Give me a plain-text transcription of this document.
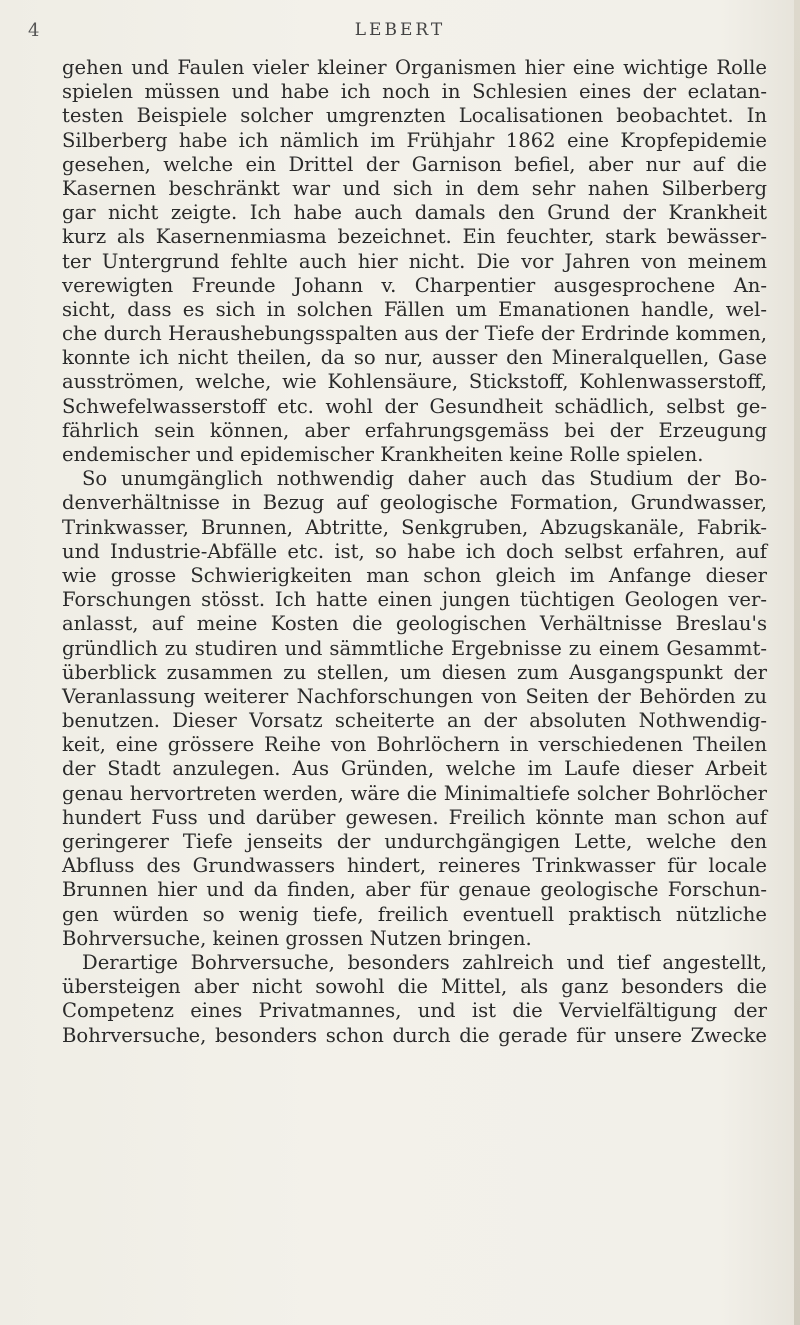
4	LEBERT
gehen und Faulen vieler kleiner Organismen hier eine wichtige Rolle
spielen müssen und habe ich noch in Schlesien eines der eclatan-
testen Beispiele solcher umgrenzten Localisationen beobachtet. In
Silberberg habe ich nämlich im Frühjahr 1862 eine Kropfepidemie
gesehen, welche ein Drittel der Garnison befiel, aber nur auf die
Kasernen beschränkt war und sich in dem sehr nahen Silberberg
gar nicht zeigte. Ich habe auch damals den Grund der Krankheit
kurz als Kasernenmiasma bezeichnet. Ein feuchter, stark bewässer-
ter Untergrund fehlte auch hier nicht. Die vor Jahren von meinem
verewigten Freunde Johann v. Charpentier ausgesprochene An-
sicht, dass es sich in solchen Fällen um Emanationen handle, wel-
che durch Heraushebungsspalten aus der Tiefe der Erdrinde kommen,
konnte ich nicht theilen, da so nur, ausser den Mineralquellen, Gase
ausströmen, welche, wie Kohlensäure, Stickstoff, Kohlenwasserstoff,
Schwefelwasserstoff etc. wohl der Gesundheit schädlich, selbst ge-
fährlich sein können, aber erfahrungsgemäss bei der Erzeugung
endemischer und epidemischer Krankheiten keine Rolle spielen.
So unumgänglich nothwendig daher auch das Studium der Bo-
denverhältnisse in Bezug auf geologische Formation, Grundwasser,
Trinkwasser, Brunnen, Abtritte, Senkgruben, Abzugskanäle, Fabrik-
und Industrie-Abfälle etc. ist, so habe ich doch selbst erfahren, auf
wie grosse Schwierigkeiten man schon gleich im Anfange dieser
Forschungen stösst. Ich hatte einen jungen tüchtigen Geologen ver-
anlasst, auf meine Kosten die geologischen Verhältnisse Breslau's
gründlich zu studiren und sämmtliche Ergebnisse zu einem Gesammt-
überblick zusammen zu stellen, um diesen zum Ausgangspunkt der
Veranlassung weiterer Nachforschungen von Seiten der Behörden zu
benutzen. Dieser Vorsatz scheiterte an der absoluten Nothwendig-
keit, eine grössere Reihe von Bohrlöchern in verschiedenen Theilen
der Stadt anzulegen. Aus Gründen, welche im Laufe dieser Arbeit
genau hervortreten werden, wäre die Minimaltiefe solcher Bohrlöcher
hundert Fuss und darüber gewesen. Freilich könnte man schon auf
geringerer Tiefe jenseits der undurchgängigen Lette, welche den
Abfluss des Grundwassers hindert, reineres Trinkwasser für locale
Brunnen hier und da finden, aber für genaue geologische Forschun-
gen würden so wenig tiefe, freilich eventuell praktisch nützliche
Bohrversuche, keinen grossen Nutzen bringen.
Derartige Bohrversuche, besonders zahlreich und tief angestellt,
übersteigen aber nicht sowohl die Mittel, als ganz besonders die
Competenz eines Privatmannes, und ist die Vervielfältigung der
Bohrversuche, besonders schon durch die gerade für unsere Zwecke
